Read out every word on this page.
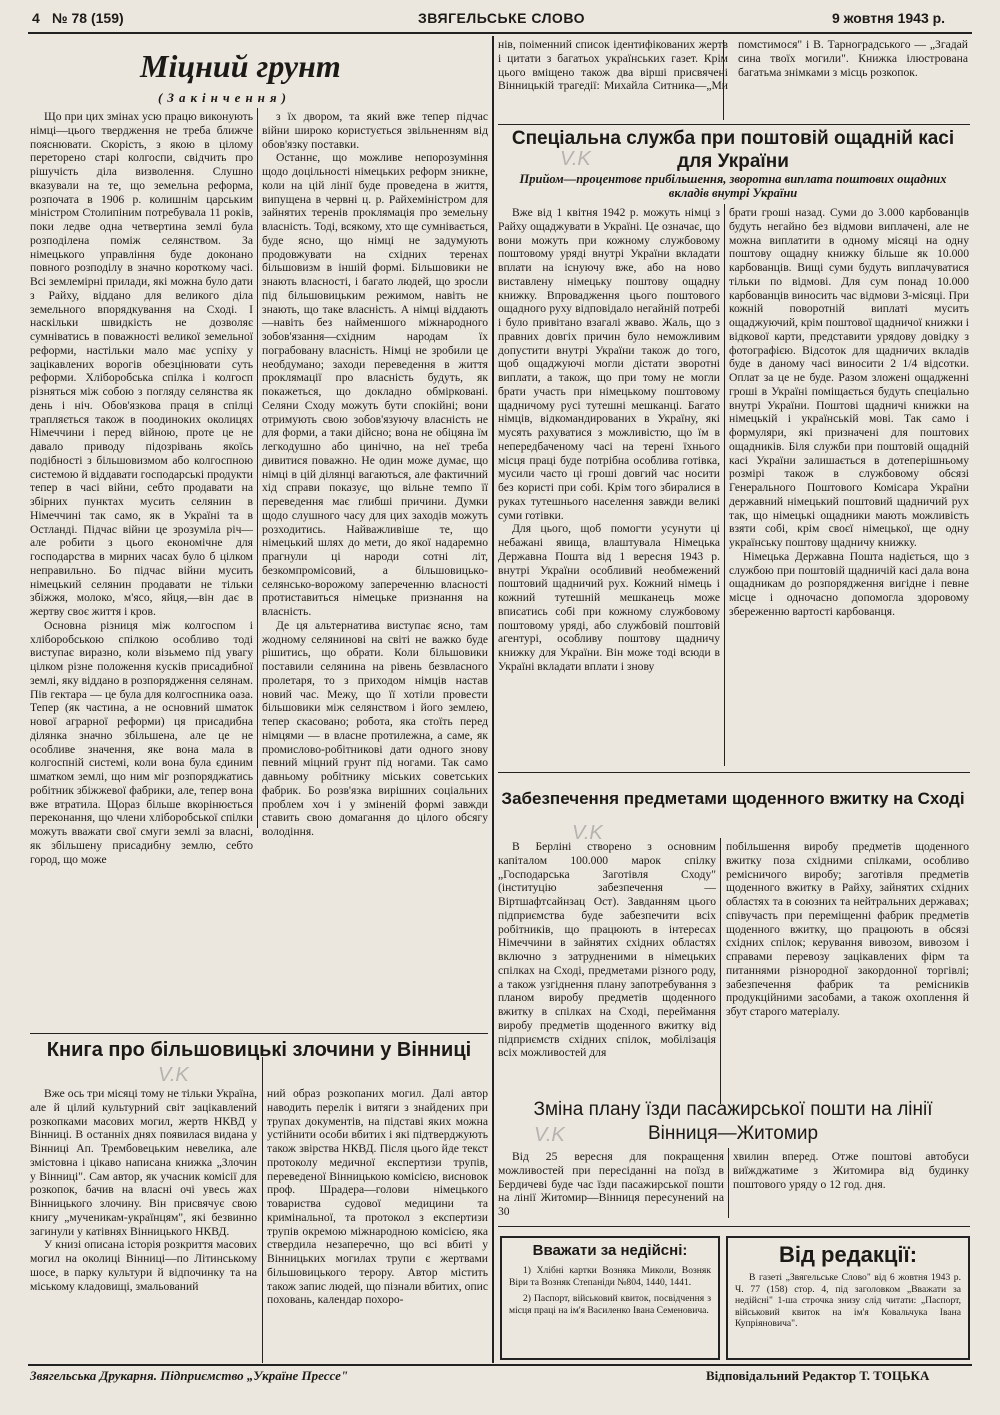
4 № 78 (159)	ЗВЯГЕЛЬСЬКЕ СЛОВО	9 жовтня 1943 р.
Міцний грунт
(Закінчення)

Що при цих змінах усю працю виконують німці—цього твердження не треба ближче пояснювати. Скорість, з якою в цілому переторено старі колгоспи, свідчить про рішучість діла визволення. Слушно вказували на те, що земельна реформа, розпочата в 1906 р. колишнім царським міністром Столипіним потребувала 11 років, поки ледве одна четвертина землі була розподілена поміж селянством. За німецького управління буде доконано повного розподілу в значно короткому часі. Всі землемірні прилади, які можна було дати з Райху, віддано для великого діла земельного впорядкування на Сході. І наскільки швидкість не дозволяє сумніватись в поважності великої земельної реформи, настільки мало має успіху у зацікавлених ворогів обезцінювати суть реформи. Хліборобська спілка і колгосп різняться між собою з погляду селянства як день і ніч. Обов'язкова праця в спілці трапляється також в поодиноких околицях Німеччини і перед війною, проте це не давало приводу підозрівань якоїсь подібності з більшовизмом або колгоспною системою й віддавати господарські продукти тепер в часі війни, себто продавати на збірних пунктах мусить селянин в Німеччині так само, як в Україні та в Остланді. Підчас війни це зрозуміла річ—але робити з цього економічне для господарства в мирних часах було б цілком неправильно. Бо підчас війни мусить німецький селянин продавати не тільки збіжжя, молоко, м'ясо, яйця,—він дає в жертву своє життя і кров.

Основна різниця між колгоспом і хліборобською спілкою особливо тоді виступає виразно, коли візьмемо під увагу цілком різне положення кусків присадибної землі, яку віддано в розпорядження селянам. Пів гектара — це була для колгоспника оаза. Тепер (як частина, а не основний шматок нової аграрної реформи) ця присадибна ділянка значно збільшена, але це не особливе значення, яке вона мала в колгоспній системі, коли вона була єдиним шматком землі, що ним міг розпоряджатись робітник збіжжевої фабрики, але, тепер вона вже втратила. Щораз більше вкорінюється переконання, що члени хліборобської спілки можуть вважати свої смуги землі за власні, як збільшену присадибну землю, себто город, що може

з їх двором, та який вже тепер підчас війни широко користується звільненням від обов'язку поставки.

Останнє, що можливе непорозуміння щодо доцільності німецьких реформ зникне, коли на цій лінії буде проведена в життя, випущена в червні ц. р. Райхеміністром для зайнятих теренів проклямація про земельну власність. Тоді, всякому, хто ще сумнівається, буде ясно, що німці не задумують продовжувати на східних теренах більшовизм в іншій формі. Більшовики не знають власності, і багато людей, що зросли під більшовицьким режимом, навіть не знають, що таке власність. А німці віддають—навіть без найменшого міжнародного зобов'язання—східним народам їх пограбовану власність. Німці не зробили це необдумано; заходи переведення в життя проклямації про власність будуть, як покажеться, що докладно обмірковані. Селяни Сходу можуть бути спокійні; вони отримують свою зобов'язуючу власність не для форми, а таки дійсно; вона не обіцяна їм легкодушно або цинічно, на неї треба дивитися поважно. Не один може думає, що німці в цій ділянці вагаються, але фактичний хід справи показує, що вільне темпо її переведення має глибші причини. Думки щодо слушного часу для цих заходів можуть розходитись. Найважливіше те, що німецький шлях до мети, до якої надаремно прагнули ці народи сотні літ, безкомпромісовий, а більшовицько-селянсько-ворожому запереченню власності протиставиться німецьке признання на власність.

Де ця альтернатива виступає ясно, там жодному селянинові на світі не важко буде рішитись, що обрати. Коли більшовики поставили селянина на рівень безвласного пролетаря, то з приходом німців настав новий час. Межу, що її хотіли провести більшовики між селянством і його землею, тепер скасовано; робота, яка стоїть перед німцями — в власне протилежна, а саме, як промислово-робітникові дати одного знову певний міцний грунт під ногами. Так само давньому робітнику міських советських фабрик. Бо розв'язка вирішних соціальних проблем хоч і у зміненій формі завжди ставить свою домагання до цілого обсягу володіння.

Книга про більшовицькі злочини у Вінниці

Вже ось три місяці тому не тільки Україна, але й цілий культурний світ зацікавлений розкопками масових могил, жертв НКВД у Вінниці. В останніх днях появилася видана у Вінниці Ап. Трембовецьким невелика, але змістовна і цікаво написана книжка „Злочин у Вінниці". Сам автор, як учасник комісії для розкопок, бачив на власні очі увесь жах Вінницького злочину. Він присвячує свою книгу „мученикам-українцям", які безвинно загинули у катівнях Вінницького НКВД.

У книзі описана історія розкриття масових могил на околиці Вінниці—по Літинському шосе, в парку культури й відпочинку та на міському кладовищі, змальований

ний образ розкопаних могил. Далі автор наводить перелік і витяги з знайдених при трупах документів, на підставі яких можна устійнити особи вбитих і які підтверджують також звірства НКВД. Після цього йде текст протоколу медичної експертизи трупів, переведеної Вінницькою комісією, висновок проф. Шрадера—голови німецького товариства судової медицини та кримінальної, та протокол з експертизи трупів окремою міжнародною комісією, яка ствердила незаперечно, що всі вбиті у Вінницьких могилах трупи є жертвами більшовицького терору. Автор містить також запис людей, що пізнали вбитих, опис поховань, календар похоро-

нів, поіменний список ідентифікованих жертв і цитати з багатьох українських газет. Крім цього вміщено також два вірші присвячені Вінницькій трагедії: Михайла Ситника—„Ми помстимося" і В. Тарноградського — „Згадай сина твоїх могили". Книжка ілюстрована багатьма знімками з місць розкопок.

Спеціальна служба при поштовій ощадній касі для України
Прийом—процентове прибільшення, зворотна виплата поштових ощадних вкладів внутрі України

Вже від 1 квітня 1942 р. можуть німці з Райху ощаджувати в Україні. Це означає, що вони можуть при кожному службовому поштовому уряді внутрі України вкладати вплати на існуючу вже, або на ново виставлену німецьку поштову ощадну книжку. Впровадження цього поштового ощадного руху відповідало негайній потребі і було привітано взагалі жваво. Жаль, що з правних довгіх причин було неможливим допустити внутрі України також до того, щоб ощаджуючі могли дістати зворотні виплати, а також, що при тому не могли брати участь при німецькому поштовому щадничому русі тутешні мешканці. Багато німців, відкомандированих в Україну, які мусять рахуватися з можливістю, що їм в непередбаченому часі на терені їхнього місця праці буде потрібна особлива готівка, мусили часто ці гроші довгий час носити без користі при собі. Крім того збиралися в руках тутешнього населення завжди великі суми готівки.

Для цього, щоб помогти усунути ці небажані явища, влаштувала Німецька Державна Пошта від 1 вересня 1943 р. внутрі України особливий необмежений поштовий щадничий рух. Кожний німець і кожний тутешній мешканець може вписатись собі при кожному службовому поштовому уряді, або службовій поштовій агентурі, особливу поштову щадничу книжку для України. Він може тоді всюди в Україні вкладати вплати і знову

брати гроші назад. Суми до 3.000 карбованців будуть негайно без відмови виплачені, але не можна виплатити в одному місяці на одну поштову ощадну книжку більше як 10.000 карбованців. Вищі суми будуть виплачуватися тільки по відмові. Для сум понад 10.000 карбованців виносить час відмови 3-місяці. При кожній поворотній виплаті мусить ощаджуючий, крім поштової щадничої книжки і відкової карти, представити урядову довідку з фотографією. Відсоток для щадничих вкладів буде в даному часі виносити 2 1/4 відсотки. Оплат за це не буде. Разом зложені ощадженні гроші в Україні поміщається будуть спеціально внутрі України. Поштові щадничі книжки на німецькій і українській мові. Так само і формуляри, які призначені для поштових ощадників. Біля служби при поштовій ощадній касі України залишається в дотеперішньому розмірі також в службовому обсязі Генерального Поштового Комісара України державний німецький поштовий щадничий рух так, що німецькі ощадники мають можливість взяти собі, крім своєї німецької, ще одну українську поштову щадничу книжку.

Німецька Державна Пошта надіється, що з службою при поштовій щадничій касі дала вона ощадникам до розпорядження вигідне і певне місце і одночасно допомогла здоровому збереженню вартості карбованця.

Забезпечення предметами щоденного вжитку на Сході

В Берліні створено з основним капіталом 100.000 марок спілку „Господарська Заготівля Сходу" (інституцію забезпечення — Віртшафтсайнзац Ост). Завданням цього підприємства буде забезпечити всіх робітників, що працюють в інтересах Німеччини в зайнятих східних областях включно з затрудненими в німецьких спілках на Сході, предметами різного роду, а також узгіднення плану запотребування з планом виробу предметів щоденного вжитку в спілках на Сході, переймання виробу предметів щоденного вжитку від підприємств східних спілок, мобілізація всіх можливостей для

побільшення виробу предметів щоденного вжитку поза східними спілками, особливо ремісничого виробу; заготівля предметів щоденного вжитку в Райху, зайнятих східних областях та в союзних та нейтральних державах; співучасть при переміщенні фабрик предметів щоденного вжитку, що працюють в обсязі східних спілок; керування вивозом, вивозом і справами перевозу зацікавлених фірм та питаннями різнородної закордонної торгівлі; забезпечення фабрик та ремісників продукційними засобами, а також охоплення й збут старого матеріалу.

Зміна плану їзди пасажирської пошти на лінії Вінниця—Житомир

Від 25 вересня для покращення можливостей при пересіданні на поїзд в Бердичеві буде час їзди пасажирської пошти на лінії Житомир—Вінниця пересунений на 30

хвилин вперед. Отже поштові автобуси виїжджатиме з Житомира від будинку поштового уряду о 12 год. дня.

Вважати за недійсні:

1) Хлібні картки Возняка Миколи, Возняк Віри та Возняк Степаніди №804, 1440, 1441.

2) Паспорт, військовий квиток, посвідчення з місця праці на ім'я Василенко Івана Семеновича.

Від редакції:

В газеті „Звягельське Слово" від 6 жовтня 1943 р. Ч. 77 (158) стор. 4, під заголовком „Вважати за недійсні" 1-ша строчка знизу слід читати: „Паспорт, військовий квиток на ім'я Ковальчука Івана Купріяновича".

Звягельська Друкарня. Підприємство „Україне Прессе"	Відповідальний Редактор Т. ТОЦЬКА
V.K
V.K
V.K
V.K
